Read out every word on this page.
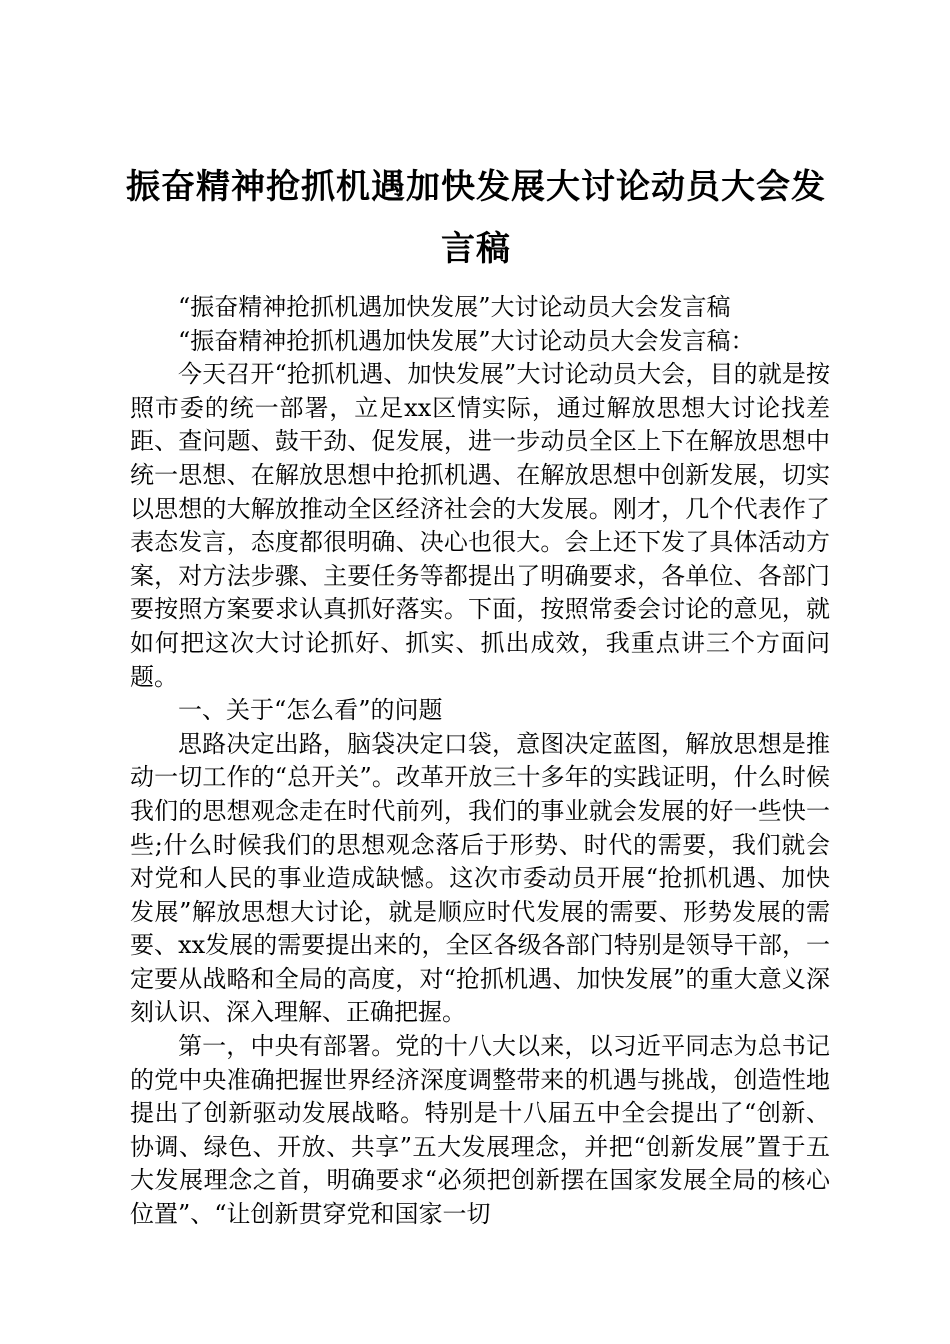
振奋精神抢抓机遇加快发展大讨论动员大会发言稿

“振奋精神抢抓机遇加快发展”大讨论动员大会发言稿

“振奋精神抢抓机遇加快发展”大讨论动员大会发言稿：

今天召开“抢抓机遇、加快发展”大讨论动员大会，目的就是按照市委的统一部署，立足xx区情实际，通过解放思想大讨论找差距、查问题、鼓干劲、促发展，进一步动员全区上下在解放思想中统一思想、在解放思想中抢抓机遇、在解放思想中创新发展，切实以思想的大解放推动全区经济社会的大发展。刚才，几个代表作了表态发言，态度都很明确、决心也很大。会上还下发了具体活动方案，对方法步骤、主要任务等都提出了明确要求，各单位、各部门要按照方案要求认真抓好落实。下面，按照常委会讨论的意见，就如何把这次大讨论抓好、抓实、抓出成效，我重点讲三个方面问题。

一、关于“怎么看”的问题

思路决定出路，脑袋决定口袋，意图决定蓝图，解放思想是推动一切工作的“总开关”。改革开放三十多年的实践证明，什么时候我们的思想观念走在时代前列，我们的事业就会发展的好一些快一些;什么时候我们的思想观念落后于形势、时代的需要，我们就会对党和人民的事业造成缺憾。这次市委动员开展“抢抓机遇、加快发展”解放思想大讨论，就是顺应时代发展的需要、形势发展的需要、xx发展的需要提出来的，全区各级各部门特别是领导干部，一定要从战略和全局的高度，对“抢抓机遇、加快发展”的重大意义深刻认识、深入理解、正确把握。

第一，中央有部署。党的十八大以来，以习近平同志为总书记的党中央准确把握世界经济深度调整带来的机遇与挑战，创造性地提出了创新驱动发展战略。特别是十八届五中全会提出了“创新、协调、绿色、开放、共享”五大发展理念，并把“创新发展”置于五大发展理念之首，明确要求“必须把创新摆在国家发展全局的核心位置”、“让创新贯穿党和国家一切
